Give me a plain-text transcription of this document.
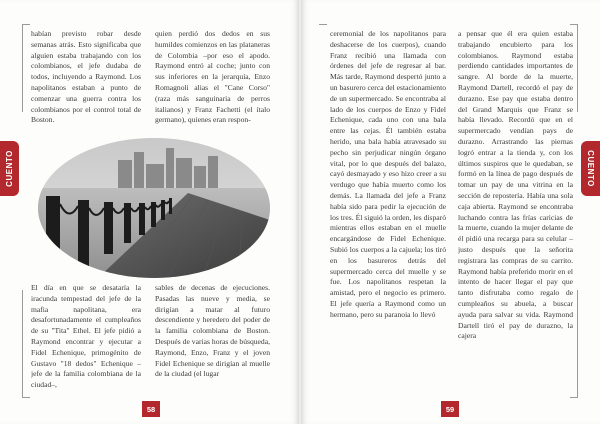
habían previsto robar desde semanas atrás. Esto significaba que alguien estaba trabajando con los colombianos, el jefe dudaba de todos, incluyendo a Raymond. Los napolitanos estaban a punto de comenzar una guerra contra los colombianos por el control total de Boston.

quien perdió dos dedos en sus humildes comienzos en las plataneras de Colombia –por eso el apodo. Raymond entró al coche; junto con sus inferiores en la jerarquía, Enzo Romagnoli alias el "Cane Corso" (raza más sanguinaria de perros italianos) y Franz Fachetti (el ítalo germano), quienes eran respon-

El día en que se desataría la iracunda tempestad del jefe de la mafia napolitana, era desafortunadamente el cumpleaños de su "Tita" Ethel. El jefe pidió a Raymond encontrar y ejecutar a Fidel Echenique, primogénito de Gustavo "18 dedos" Echenique –jefe de la familia colombiana de la ciudad–,

sables de decenas de ejecuciones. Pasadas las nueve y media, se dirigían a matar al futuro descendiente y heredero del poder de la familia colombiana de Boston. Después de varias horas de búsqueda, Raymond, Enzo, Franz y el joven Fidel Echenique se dirigían al muelle de la ciudad (el lugar

ceremonial de los napolitanos para deshacerse de los cuerpos), cuando Franz recibió una llamada con órdenes del jefe de regresar al bar. Más tarde, Raymond despertó junto a un basurero cerca del estacionamiento de un supermercado. Se encontraba al lado de los cuerpos de Enzo y Fidel Echenique, cada uno con una bala entre las cejas. Él también estaba herido, una bala había atravesado su pecho sin perjudicar ningún órgano vital, por lo que después del balazo, cayó desmayado y eso hizo creer a su verdugo que había muerto como los demás. La llamada del jefe a Franz había sido para pedir la ejecución de los tres. Él siguió la orden, les disparó mientras ellos estaban en el muelle encargándose de Fidel Echenique. Subió los cuerpos a la cajuela; los tiró en los basureros detrás del supermercado cerca del muelle y se fue. Los napolitanos respetan la amistad, pero el negocio es primero. El jefe quería a Raymond como un hermano, pero su paranoia lo llevó

a pensar que él era quien estaba trabajando encubierto para los colombianos. Raymond estaba perdiendo cantidades importantes de sangre. Al borde de la muerte, Raymond Dartell, recordó el pay de durazno. Ese pay que estaba dentro del Grand Marquis que Franz se había llevado. Recordó que en el supermercado vendían pays de durazno. Arrastrando las piernas logró entrar a la tienda y, con los últimos suspiros que le quedaban, se formó en la línea de pago después de tomar un pay de una vitrina en la sección de repostería. Había una sola caja abierta. Raymond se encontraba luchando contra las frías caricias de la muerte, cuando la mujer delante de él pidió una recarga para su celular –justo después que la señorita registrara las compras de su carrito. Raymond había preferido morir en el intento de hacer llegar el pay que tanto disfrutaba como regalo de cumpleaños su abuela, a buscar ayuda para salvar su vida. Raymond Dartell tiró el pay de durazno, la cajera

CUENTO	CUENTO
58	59
